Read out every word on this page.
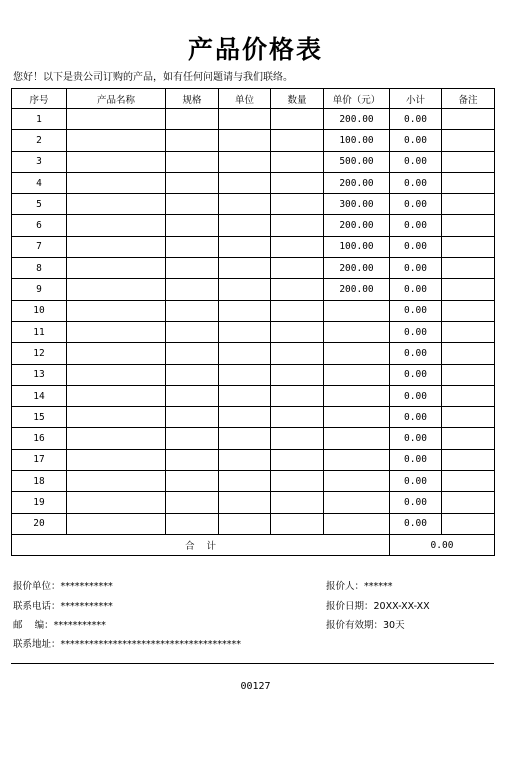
产品价格表
您好！以下是贵公司订购的产品，如有任何问题请与我们联络。
序号	产品名称	规格	单位	数量	单价（元）	小计	备注
1					200.00	0.00	
2					100.00	0.00	
3					500.00	0.00	
4					200.00	0.00	
5					300.00	0.00	
6					200.00	0.00	
7					100.00	0.00	
8					200.00	0.00	
9					200.00	0.00	
10						0.00	
11						0.00	
12						0.00	
13						0.00	
14						0.00	
15						0.00	
16						0.00	
17						0.00	
18						0.00	
19						0.00	
20						0.00	
合    计						0.00	
报价单位：***********
联系电话：***********
邮    编：***********
联系地址：**************************************
报价人：******
报价日期：20XX-XX-XX
报价有效期：30天
00127
